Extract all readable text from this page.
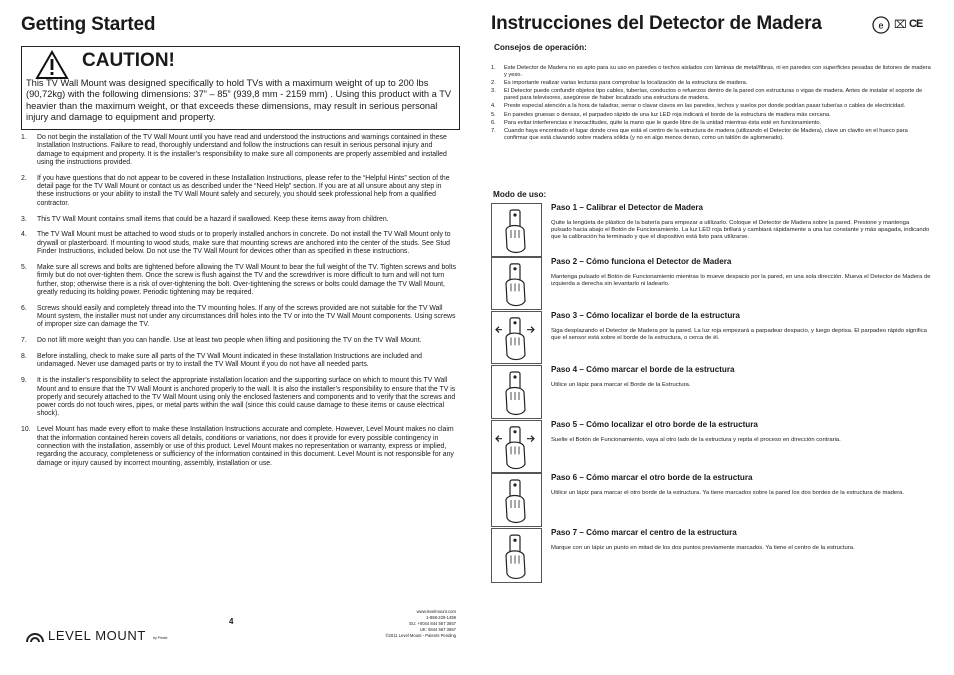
Getting Started
CAUTION!
This TV Wall Mount was designed specifically to hold TVs with a maximum weight of up to 200 lbs (90,72kg) with the following dimensions: 37” – 85” (939,8 mm - 2159 mm) . Using this product with a TV heavier than the maximum weight, or that exceeds these dimensions, may result in serious personal injury and damage to equipment and property.
1. Do not begin the installation of the TV Wall Mount until you have read and understood the instructions and warnings contained in these Installation Instructions. Failure to read, thoroughly understand and follow the instructions can result in serious personal injury and damage to equipment and property. It is the installer’s responsibility to make sure all components are properly assembled and installed using the instructions provided.
2. If you have questions that do not appear to be covered in these Installation Instructions, please refer to the “Helpful Hints” section of the detail page for the TV Wall Mount or contact us as described under the “Need Help” section. If you are at all unsure about any step in these instructions or your ability to install the TV Wall Mount safely and securely, you should seek professional help from a qualified contractor.
3. This TV Wall Mount contains small items that could be a hazard if swallowed. Keep these items away from children.
4. The TV Wall Mount must be attached to wood studs or to properly installed anchors in concrete. Do not install the TV Wall Mount only to drywall or plasterboard. If mounting to wood studs, make sure that mounting screws are anchored into the center of the studs. See Stud Finder Instructions, included below. Do not use the TV Wall Mount for devices other than as specified in these instructions.
5. Make sure all screws and bolts are tightened before allowing the TV Wall Mount to bear the full weight of the TV. Tighten screws and bolts firmly but do not over-tighten them. Once the screw is flush against the TV and the screwdriver is more difficult to turn and will not turn further, stop; otherwise there is a risk of over-tightening the bolt. Over-tightening the screws or bolts could damage the TV Wall Mount, greatly reducing its holding power. Periodic tightening may be required.
6. Screws should easily and completely thread into the TV mounting holes. If any of the screws provided are not suitable for the TV Wall Mount system, the installer must not under any circumstances drill holes into the TV or into the TV Wall Mount components. Using screws of improper size can damage the TV.
7. Do not lift more weight than you can handle. Use at least two people when lifting and positioning the TV on the TV Wall Mount.
8. Before installing, check to make sure all parts of the TV Wall Mount indicated in these Installation Instructions are included and undamaged. Never use damaged parts or try to install the TV Wall Mount if you do not have all needed parts.
9. It is the installer’s responsibility to select the appropriate installation location and the supporting surface on which to mount this TV Wall Mount and to ensure that the TV Wall Mount is anchored properly to the wall. It is also the installer’s responsibility to ensure that the TV is properly and securely attached to the TV Wall Mount using only the enclosed fasteners and components and to verify that the screws and power cords do not touch wires, pipes, or metal parts within the wall (since this could cause damage to these items or cause electrical shock).
10. Level Mount has made every effort to make these Installation Instructions accurate and complete. However, Level Mount makes no claim that the information contained herein covers all details, conditions or variations, nor does it provide for every possible contingency in connection with the installation, assembly or use of this product. Level Mount makes no representation or warranty, express or implied, regarding the accuracy, completeness or sufficiency of the information contained in this document. Level Mount is not responsible for any damage or injury caused by incorrect mounting, assembly, installation or use.
4
LEVEL MOUNT by Pinnie
Instrucciones del Detector de Madera	e ⌧ CE
Consejos de operación:
1. Este Detector de Madera no es apto para su uso en paredes o techos aislados con láminas de metal/fibras, ni en paredes con superficies pesadas de listones de madera y yeso.
2. Es importante realizar varias lecturas para comprobar la localización de la estructura de madera.
3. El Detector puede confundir objetos tipo cables, tuberías, conductos o refuerzos dentro de la pared con estructuras o vigas de madera. Antes de instalar el soporte de pared para televisores, asegúrese de haber localizado una estructura de madera.
4. Preste especial atención a la hora de taladrar, serrar o clavar clavos en las paredes, techos y suelos por donde podrían pasar tuberías o cables de electricidad.
5. En paredes gruesas o densas, el parpadeo rápido de una luz LED roja indicará el borde de la estructura de madera más cercana.
6. Para evitar interferencias e inexactitudes, quite la mano que le quede libre de la unidad mientras ésta esté en funcionamiento.
7. Cuando haya encontrado el lugar donde crea que está el centro de la estructura de madera (utilizando el Detector de Madera), clave un clavito en el hueco para confirmar que está clavando sobre madera sólida (y no en algo menos denso, como un tablón de aglomerado).
Modo de uso:
Paso 1 – Calibrar el Detector de Madera
Quite la lengüeta de plástico de la batería para empezar a utilizarlo. Coloque el Detector de Madera sobre la pared. Presione y mantenga pulsado hacia abajo el Botón de Funcionamiento. La luz LED roja brillará y cambiará rápidamente a una luz constante y más apagada, indicando que la calibración ha terminado y que el dispositivo está listo para utilizarse.
Paso 2 – Cómo funciona el Detector de Madera
Mantenga pulsado el Botón de Funcionamiento mientras lo mueve despacio por la pared, en una sola dirección. Mueva el Detector de Madera de izquierda a derecha sin levantarlo ni ladearlo.
Paso 3 – Cómo localizar el borde de la estructura
Siga desplazando el Detector de Madera por la pared. La luz roja empezará a parpadear despacio, y luego deprisa. El parpadeo rápido significa que el sensor está sobre el borde de la estructura, o cerca de él.
Paso 4 – Cómo marcar el borde de la estructura
Utilice un lápiz para marcar el Borde de la Estructura.
Paso 5 – Cómo localizar el otro borde de la estructura
Suelte el Botón de Funcionamiento, vaya al otro lado de la estructura y repita el proceso en dirección contraria.
Paso 6 – Cómo marcar el otro borde de la estructura
Utilice un lápiz para marcar el otro borde de la estructura. Ya tiene marcados sobre la pared los dos bordes de la estructura de madera.
Paso 7 – Cómo marcar el centro de la estructura
Marque con un lápiz un punto en mitad de los dos puntos previamente marcados. Ya tiene el centro de la estructura.
www.levelmount.com
1-888-229-1459
EU: +0044 844 567 3657
UK: 0844 567 3657
©2011 Level Mount - Patents Pending
